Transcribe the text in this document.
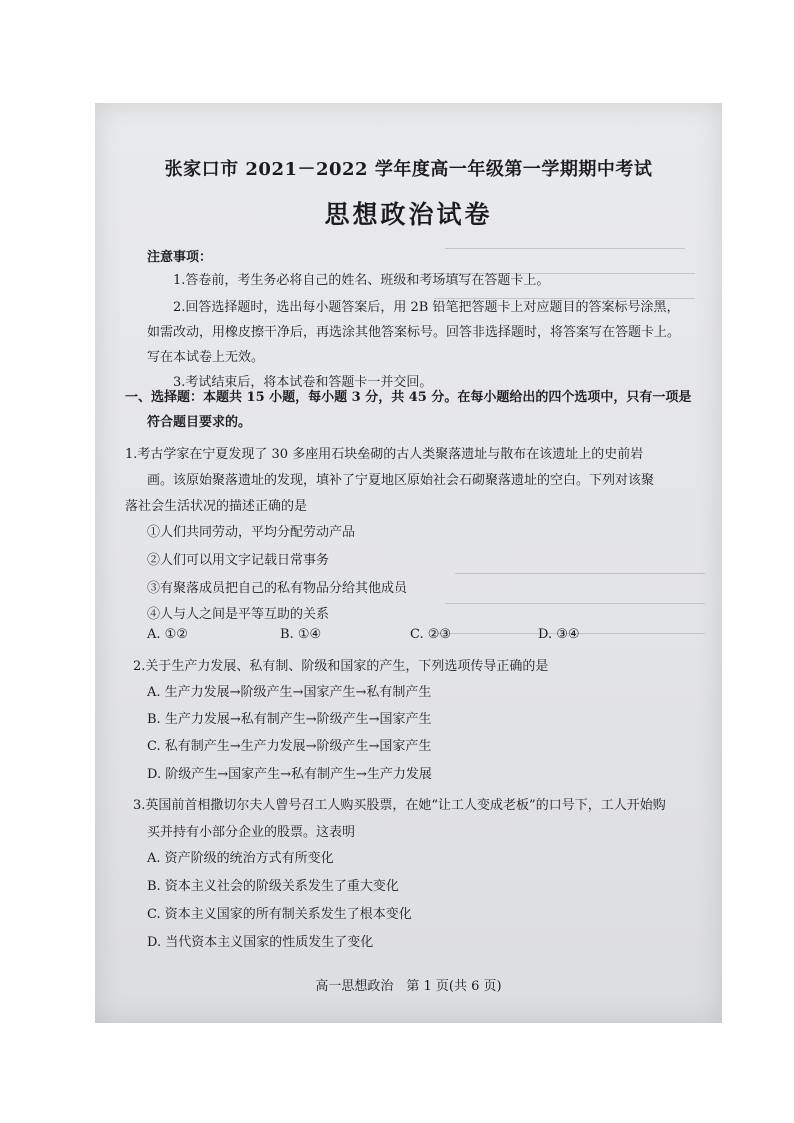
张家口市 2021－2022 学年度高一年级第一学期期中考试
思想政治试卷
注意事项：
1.答卷前，考生务必将自己的姓名、班级和考场填写在答题卡上。
2.回答选择题时，选出每小题答案后，用 2B 铅笔把答题卡上对应题目的答案标号涂黑，
如需改动，用橡皮擦干净后，再选涂其他答案标号。回答非选择题时，将答案写在答题卡上。
写在本试卷上无效。
3.考试结束后，将本试卷和答题卡一并交回。
一、选择题：本题共 15 小题，每小题 3 分，共 45 分。在每小题给出的四个选项中，只有一项是
符合题目要求的。
1.考古学家在宁夏发现了 30 多座用石块垒砌的古人类聚落遗址与散布在该遗址上的史前岩
画。该原始聚落遗址的发现，填补了宁夏地区原始社会石砌聚落遗址的空白。下列对该聚
落社会生活状况的描述正确的是
①人们共同劳动，平均分配劳动产品
②人们可以用文字记载日常事务
③有聚落成员把自己的私有物品分给其他成员
④人与人之间是平等互助的关系
A. ①②	B. ①④	C. ②③	D. ③④
2.关于生产力发展、私有制、阶级和国家的产生，下列选项传导正确的是
A. 生产力发展→阶级产生→国家产生→私有制产生
B. 生产力发展→私有制产生→阶级产生→国家产生
C. 私有制产生→生产力发展→阶级产生→国家产生
D. 阶级产生→国家产生→私有制产生→生产力发展
3.英国前首相撒切尔夫人曾号召工人购买股票，在她“让工人变成老板”的口号下，工人开始购
买并持有小部分企业的股票。这表明
A. 资产阶级的统治方式有所变化
B. 资本主义社会的阶级关系发生了重大变化
C. 资本主义国家的所有制关系发生了根本变化
D. 当代资本主义国家的性质发生了变化
高一思想政治　第 1 页(共 6 页)
